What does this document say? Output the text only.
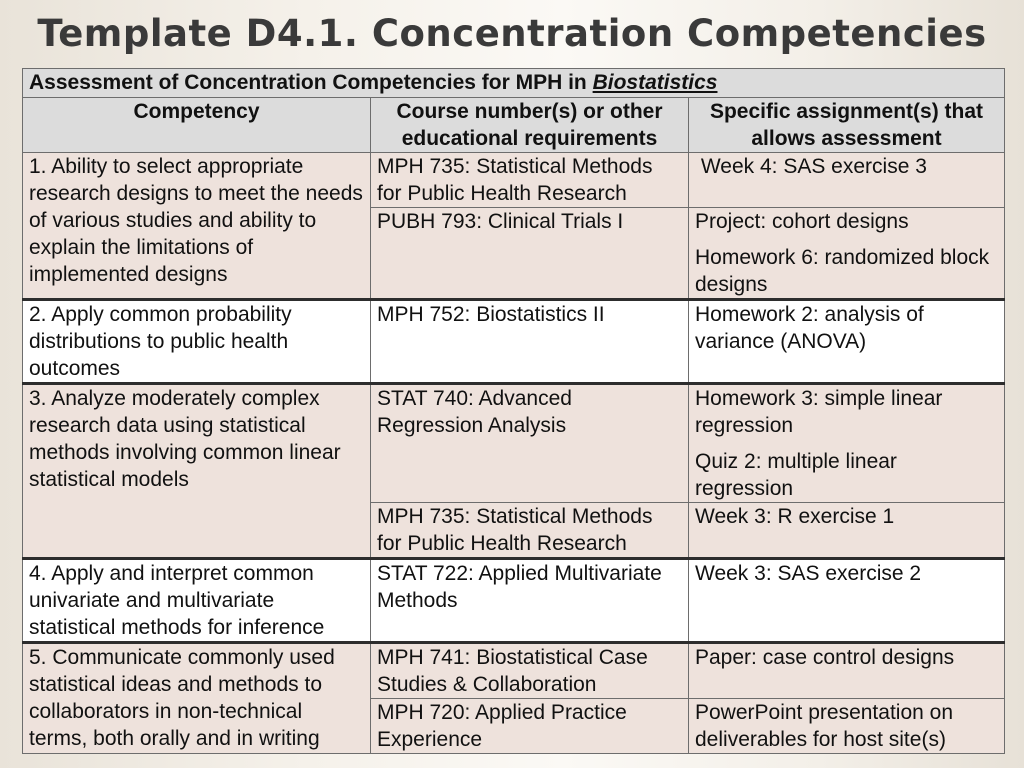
Template D4.1. Concentration Competencies
Assessment of Concentration Competencies for MPH in Biostatistics		
Competency	Course number(s) or other educational requirements	Specific assignment(s) that allows assessment
1. Ability to select appropriate research designs to meet the needs of various studies and ability to explain the limitations of implemented designs	MPH 735: Statistical Methods for Public Health Research	Week 4: SAS exercise 3

	PUBH 793: Clinical Trials I	Project: cohort designs
Homework 6: randomized block designs

2. Apply common probability distributions to public health outcomes	MPH 752: Biostatistics II	Homework 2: analysis of variance (ANOVA)

3. Analyze moderately complex research data using statistical methods involving common linear statistical models	STAT 740: Advanced Regression Analysis	Homework 3: simple linear regression
Quiz 2: multiple linear regression

	MPH 735: Statistical Methods for Public Health Research	Week 3: R exercise 1

4. Apply and interpret common univariate and multivariate statistical methods for inference	STAT 722: Applied Multivariate Methods	Week 3: SAS exercise 2

5. Communicate commonly used statistical ideas and methods to collaborators in non-technical terms, both orally and in writing	MPH 741: Biostatistical Case Studies & Collaboration	Paper: case control designs

	MPH 720: Applied Practice Experience	PowerPoint presentation on deliverables for host site(s)
